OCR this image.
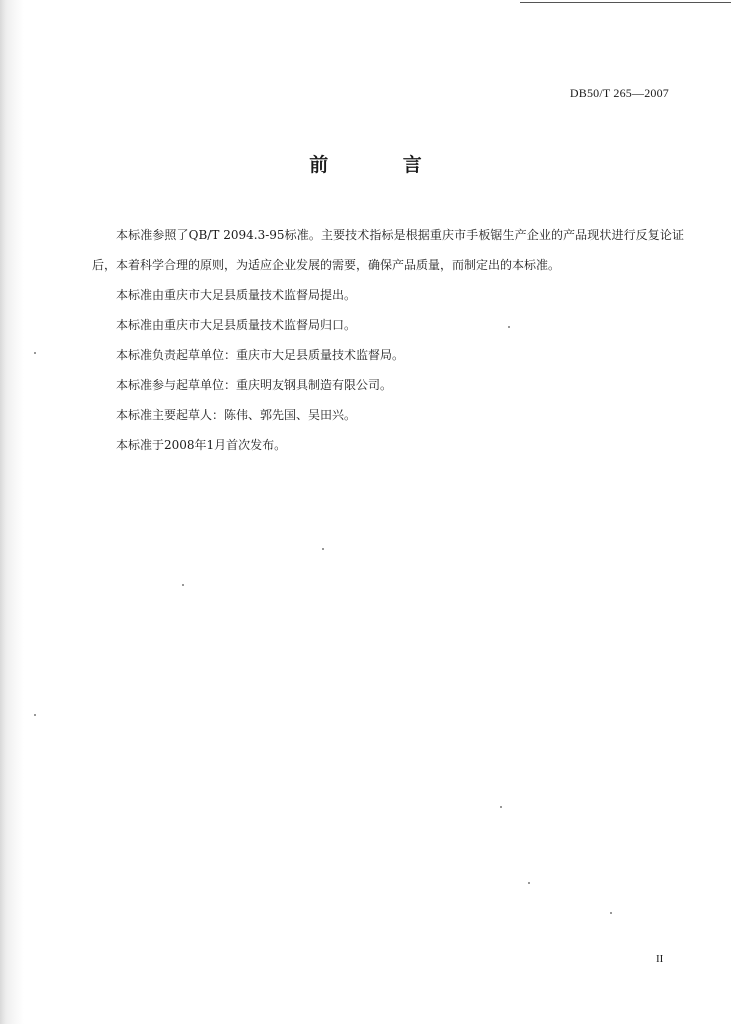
DB50/T 265—2007
前 言

本标准参照了QB/T 2094.3-95标准。主要技术指标是根据重庆市手板锯生产企业的产品现状进行反复论证后，本着科学合理的原则，为适应企业发展的需要，确保产品质量，而制定出的本标准。

本标准由重庆市大足县质量技术监督局提出。

本标准由重庆市大足县质量技术监督局归口。

本标准负责起草单位：重庆市大足县质量技术监督局。

本标准参与起草单位：重庆明友钢具制造有限公司。

本标准主要起草人：陈伟、郭先国、吴田兴。

本标准于2008年1月首次发布。

II
